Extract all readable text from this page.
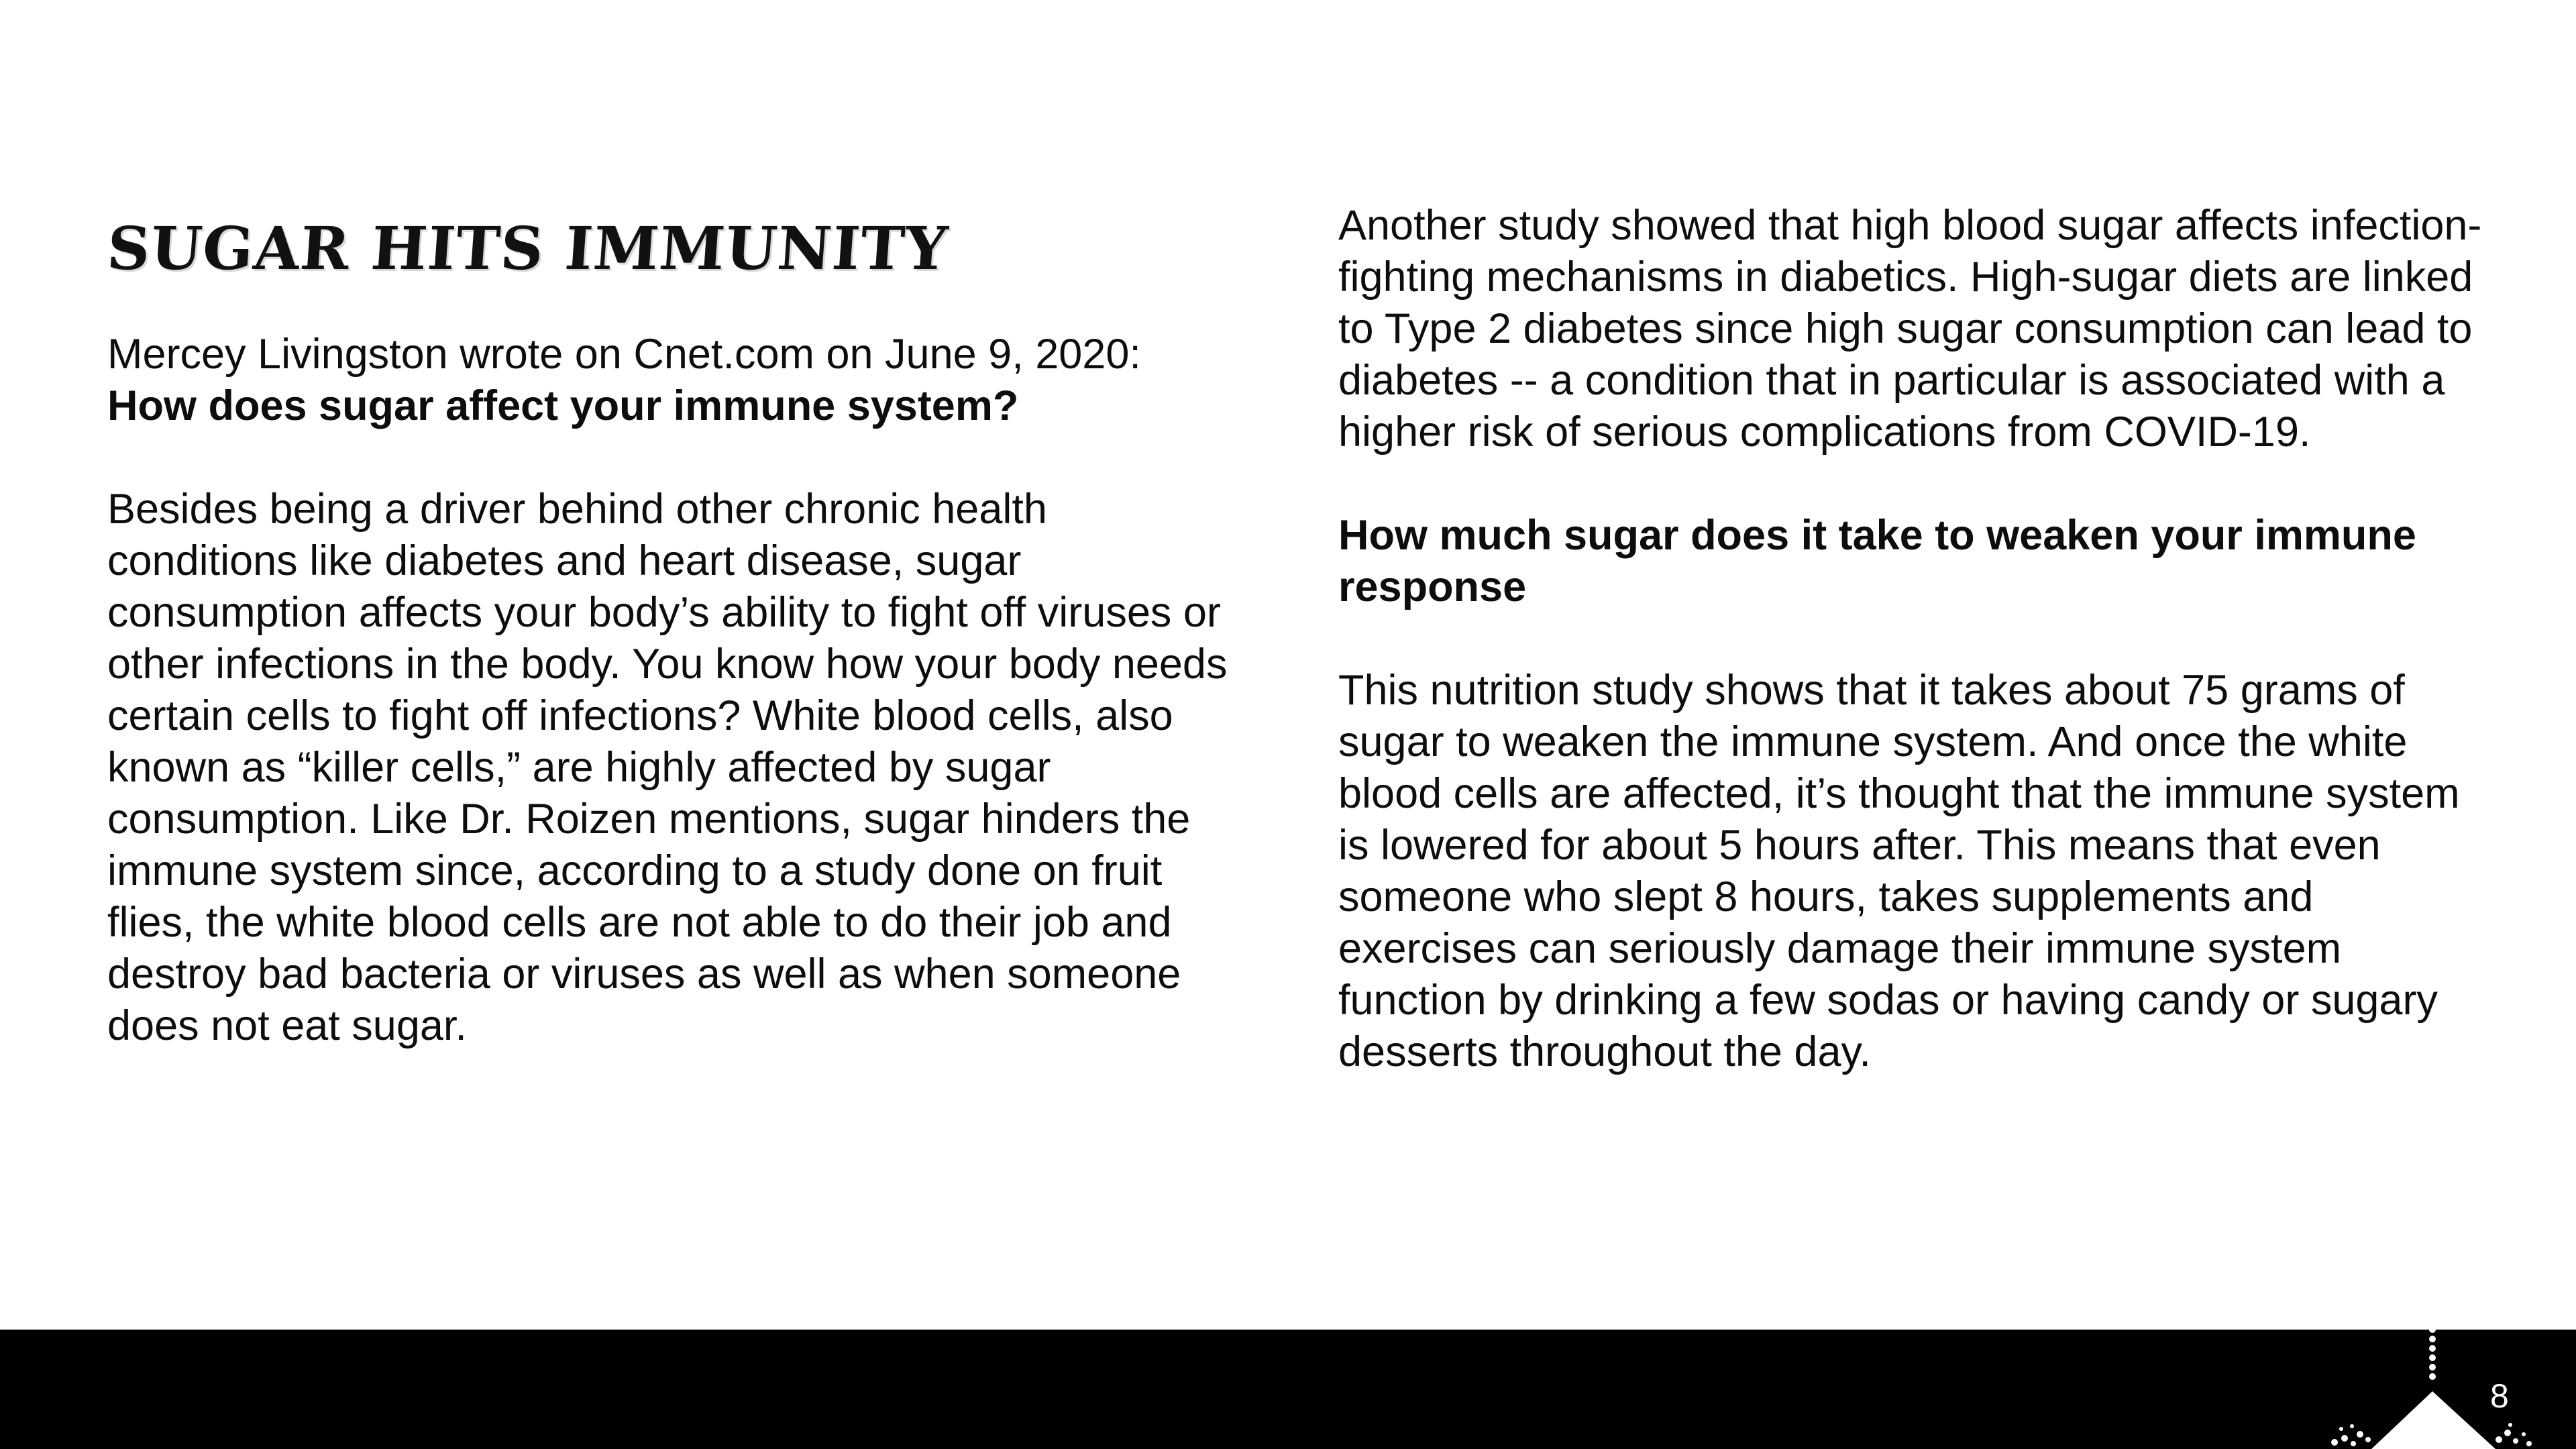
SUGAR HITS IMMUNITY

Mercey Livingston wrote on Cnet.com on June 9, 2020:

How does sugar affect your immune system?

Besides being a driver behind other chronic health conditions like diabetes and heart disease, sugar consumption affects your body’s ability to fight off viruses or other infections in the body. You know how your body needs certain cells to fight off infections? White blood cells, also known as “killer cells,” are highly affected by sugar consumption. Like Dr. Roizen mentions, sugar hinders the immune system since, according to a study done on fruit flies, the white blood cells are not able to do their job and destroy bad bacteria or viruses as well as when someone does not eat sugar.

Another study showed that high blood sugar affects infection-fighting mechanisms in diabetics. High-sugar diets are linked to Type 2 diabetes since high sugar consumption can lead to diabetes -- a condition that in particular is associated with a higher risk of serious complications from COVID-19.

How much sugar does it take to weaken your immune response

This nutrition study shows that it takes about 75 grams of sugar to weaken the immune system. And once the white blood cells are affected, it’s thought that the immune system is lowered for about 5 hours after. This means that even someone who slept 8 hours, takes supplements and exercises can seriously damage their immune system function by drinking a few sodas or having candy or sugary desserts throughout the day.

8
